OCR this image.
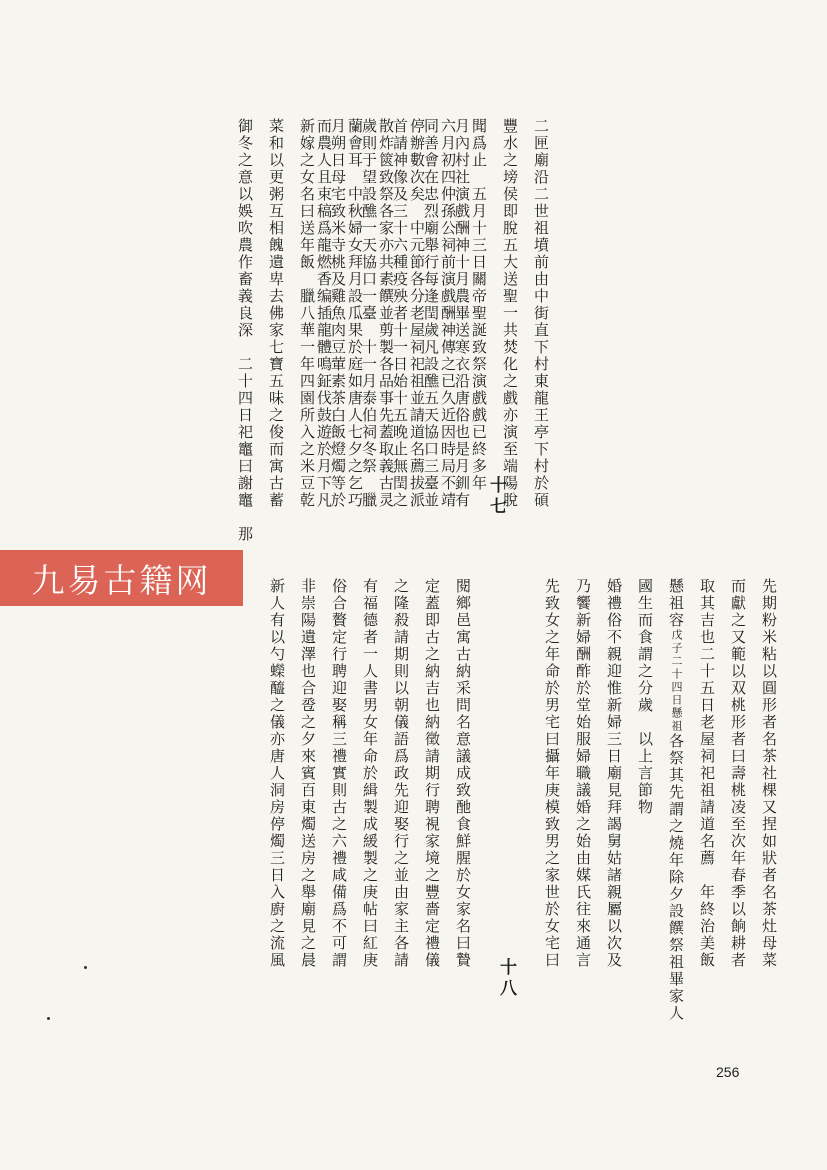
二匣廟沿二世祖墳前由中街直下村東龍王亭下村於碩
豐水之塝侯即脫五大送聖一共焚化之戲亦演至端陽脫
聞爲止　五月十三日關帝聖誕致祭演戲戲已終多年
六月初四仲孫公祠前演戲酬神傳之已久近因時局不靖
停辦數次矣　中元節各分老屋祠祀祖並請道名薦拔派
散炸篋致祭各家亦共素饌並剪製各品事先蓋取義古灵
蘭會耳　中秋婦女拜月設瓜果於庭如唐人七夕之乞巧
而農人且束稿爲龍燃香编插龍體鳴鉦伐鼓遊於月下凡	十七
月內村社演戲酬神十月農畢送寒衣沿唐俗也是月釧有
同善會在忠烈廟舉行每逢閏歲凡設醮五天協口三臺並
首請神像及三十六種疫殃者十一日始十五晚止無閏之
歲則于望設醮一天協口一臺　十一月泰伯祠冬祭　臘
月朔日母宅致米寺桃及雞魚肉豆葷素茶白飯燈燭等於
新嫁之女名曰送年飯　臘八華一年四園所入之米豆乾
菜和以更粥互相餽遺卑去佛家七寶五味之俊而寓古蓄
御冬之意以娛吹農作畜義良深　二十四日祀竈曰謝竈　那
先期粉米粘以圓形者名茶社棵又捏如狀者名茶灶母菜
而獻之又範以双桃形者曰壽桃凌至次年春季以餉耕者
取其吉也二十五日老屋祠祀祖請道名薦　年終治美飯
懸祖容戊子二十四日懸祖各祭其先謂之燒年除夕設饌祭祖畢家人
國生而食謂之分歲　以上言節物
婚禮俗不親迎惟新婦三日廟見拜謁舅姑諸親屬以次及
乃饗新婦酬酢於堂始服婦職議婚之始由媒氏往來通言
先致女之年命於男宅曰攝年庚模致男之家世於女宅曰
十八
閱鄉邑寓古納采問名意議成致酏食鮮腥於女家名曰贄
定蓋即古之納吉也納徵請期行聘視家境之豐嗇定禮儀
之隆殺請期則以朝儀語爲政先迎娶行之並由家主各請
有福德者一人書男女年命於緝製成緩製之庚帖曰紅庚
俗合贅定行聘迎娶稱三禮實則古之六禮咸備爲不可謂
非崇陽遺澤也合卺之夕來賓百東燭送房之舉廟見之晨
新人有以勺蠑醯之儀亦唐人洞房停燭三日入廚之流風
九易古籍网
256
